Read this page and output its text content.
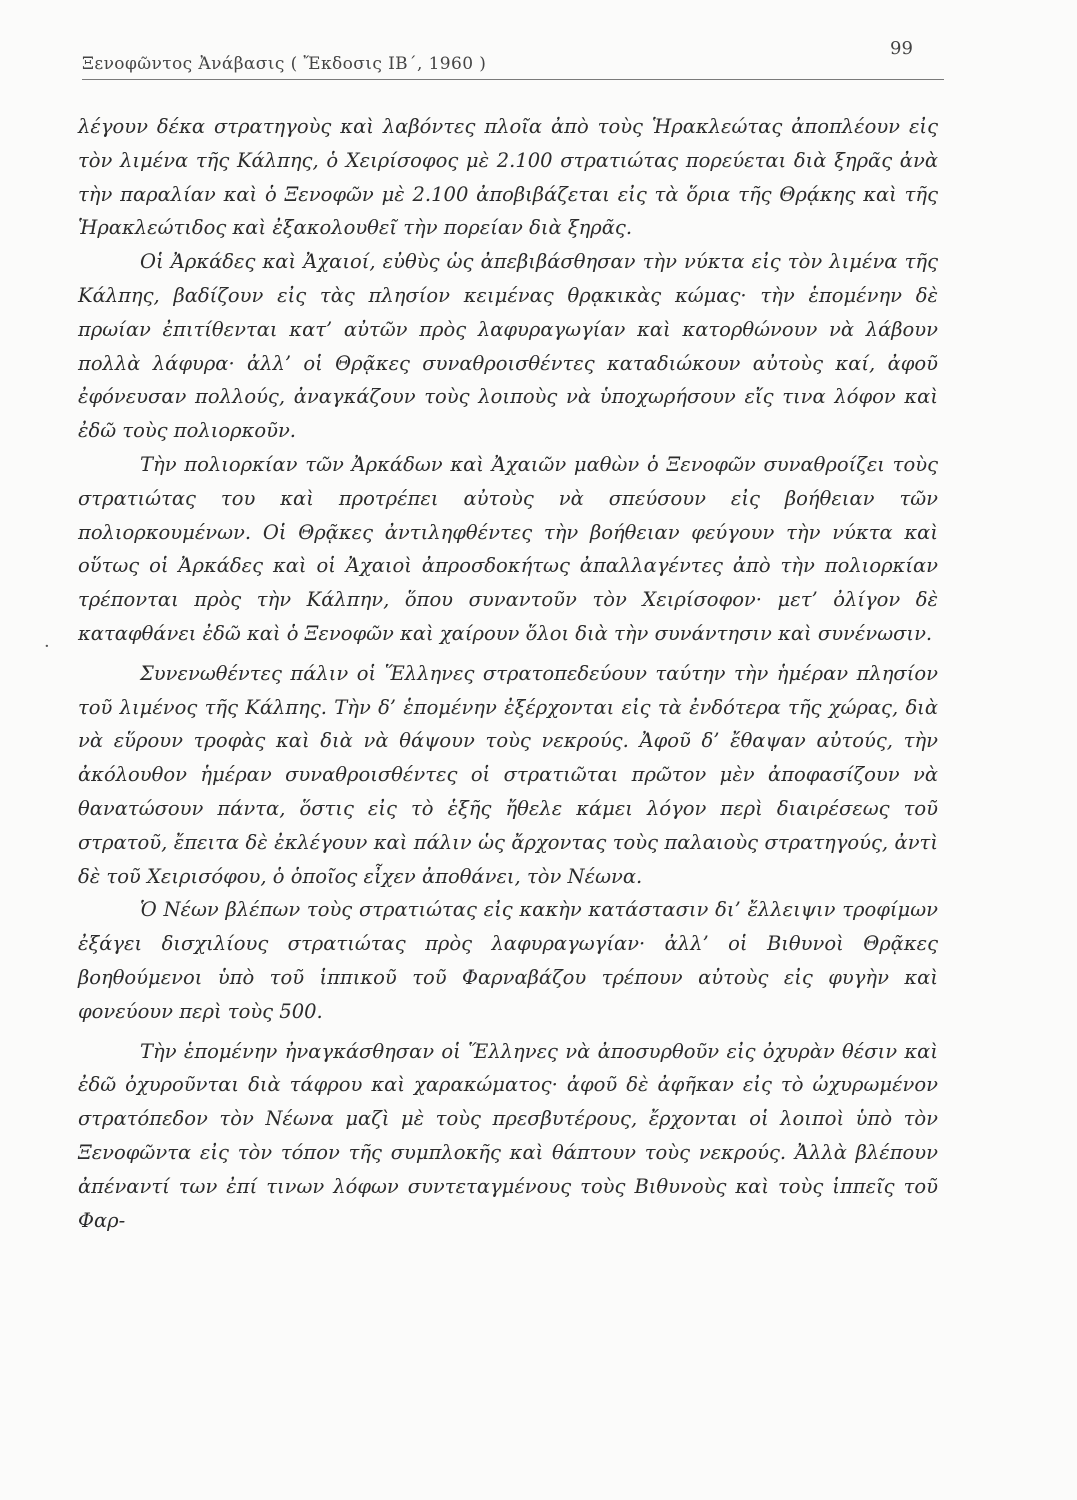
Ξενοφῶντος Ἀνάβασις ( Ἔκδοσις ΙΒ΄, 1960 )
99
·

λέγουν δέκα στρατηγοὺς καὶ λαβόντες πλοῖα ἀπὸ τοὺς Ἡρακλεώτας ἀποπλέουν εἰς τὸν λιμένα τῆς Κάλπης, ὁ Χειρίσοφος μὲ 2.100 στρατιώτας πορεύεται διὰ ξηρᾶς ἀνὰ τὴν παραλίαν καὶ ὁ Ξενοφῶν μὲ 2.100 ἀποβιβάζεται εἰς τὰ ὅρια τῆς Θρᾴκης καὶ τῆς Ἡρακλεώτιδος καὶ ἐξακολουθεῖ τὴν πορείαν διὰ ξηρᾶς.

Οἱ Ἀρκάδες καὶ Ἀχαιοί, εὐθὺς ὡς ἀπεβιβάσθησαν τὴν νύκτα εἰς τὸν λιμένα τῆς Κάλπης, βαδίζουν εἰς τὰς πλησίον κειμένας θρᾳκικὰς κώμας· τὴν ἑπομένην δὲ πρωίαν ἐπιτίθενται κατ’ αὐτῶν πρὸς λαφυραγωγίαν καὶ κατορθώνουν νὰ λάβουν πολλὰ λάφυρα· ἀλλ’ οἱ Θρᾷκες συναθροισθέντες καταδιώκουν αὐτοὺς καί, ἀφοῦ ἐφόνευσαν πολλούς, ἀναγκάζουν τοὺς λοιποὺς νὰ ὑποχωρήσουν εἴς τινα λόφον καὶ ἐδῶ τοὺς πολιορκοῦν.

Τὴν πολιορκίαν τῶν Ἀρκάδων καὶ Ἀχαιῶν μαθὼν ὁ Ξενοφῶν συναθροίζει τοὺς στρατιώτας του καὶ προτρέπει αὐτοὺς νὰ σπεύσουν εἰς βοήθειαν τῶν πολιορκουμένων. Οἱ Θρᾷκες ἀντιληφθέντες τὴν βοήθειαν φεύγουν τὴν νύκτα καὶ οὕτως οἱ Ἀρκάδες καὶ οἱ Ἀχαιοὶ ἀπροσδοκήτως ἀπαλλαγέντες ἀπὸ τὴν πολιορκίαν τρέπονται πρὸς τὴν Κάλπην, ὅπου συναντοῦν τὸν Χειρίσοφον· μετ’ ὀλίγον δὲ καταφθάνει ἐδῶ καὶ ὁ Ξενοφῶν καὶ χαίρουν ὅλοι διὰ τὴν συνάντησιν καὶ συνένωσιν.

Συνενωθέντες πάλιν οἱ Ἕλληνες στρατοπεδεύουν ταύτην τὴν ἡμέραν πλησίον τοῦ λιμένος τῆς Κάλπης. Τὴν δ’ ἑπομένην ἐξέρχονται εἰς τὰ ἐνδότερα τῆς χώρας, διὰ νὰ εὕρουν τροφὰς καὶ διὰ νὰ θάψουν τοὺς νεκρούς. Ἀφοῦ δ’ ἔθαψαν αὐτούς, τὴν ἀκόλουθον ἡμέραν συναθροισθέντες οἱ στρατιῶται πρῶτον μὲν ἀποφασίζουν νὰ θανατώσουν πάντα, ὅστις εἰς τὸ ἑξῆς ἤθελε κάμει λόγον περὶ διαιρέσεως τοῦ στρατοῦ, ἔπειτα δὲ ἐκλέγουν καὶ πάλιν ὡς ἄρχοντας τοὺς παλαιοὺς στρατηγούς, ἀντὶ δὲ τοῦ Χειρισόφου, ὁ ὁποῖος εἶχεν ἀποθάνει, τὸν Νέωνα.

Ὁ Νέων βλέπων τοὺς στρατιώτας εἰς κακὴν κατάστασιν δι’ ἔλλειψιν τροφίμων ἐξάγει δισχιλίους στρατιώτας πρὸς λαφυραγωγίαν· ἀλλ’ οἱ Βιθυνοὶ Θρᾷκες βοηθούμενοι ὑπὸ τοῦ ἱππικοῦ τοῦ Φαρναβάζου τρέπουν αὐτοὺς εἰς φυγὴν καὶ φονεύουν περὶ τοὺς 500.

Τὴν ἑπομένην ἠναγκάσθησαν οἱ Ἕλληνες νὰ ἀποσυρθοῦν εἰς ὀχυρὰν θέσιν καὶ ἐδῶ ὀχυροῦνται διὰ τάφρου καὶ χαρακώματος· ἀφοῦ δὲ ἀφῆκαν εἰς τὸ ὠχυρωμένον στρατόπεδον τὸν Νέωνα μαζὶ μὲ τοὺς πρεσβυτέρους, ἔρχονται οἱ λοιποὶ ὑπὸ τὸν Ξενοφῶντα εἰς τὸν τόπον τῆς συμπλοκῆς καὶ θάπτουν τοὺς νεκρούς. Ἀλλὰ βλέπουν ἀπέναντί των ἐπί τινων λόφων συντεταγμένους τοὺς Βιθυνοὺς καὶ τοὺς ἱππεῖς τοῦ Φαρ-
